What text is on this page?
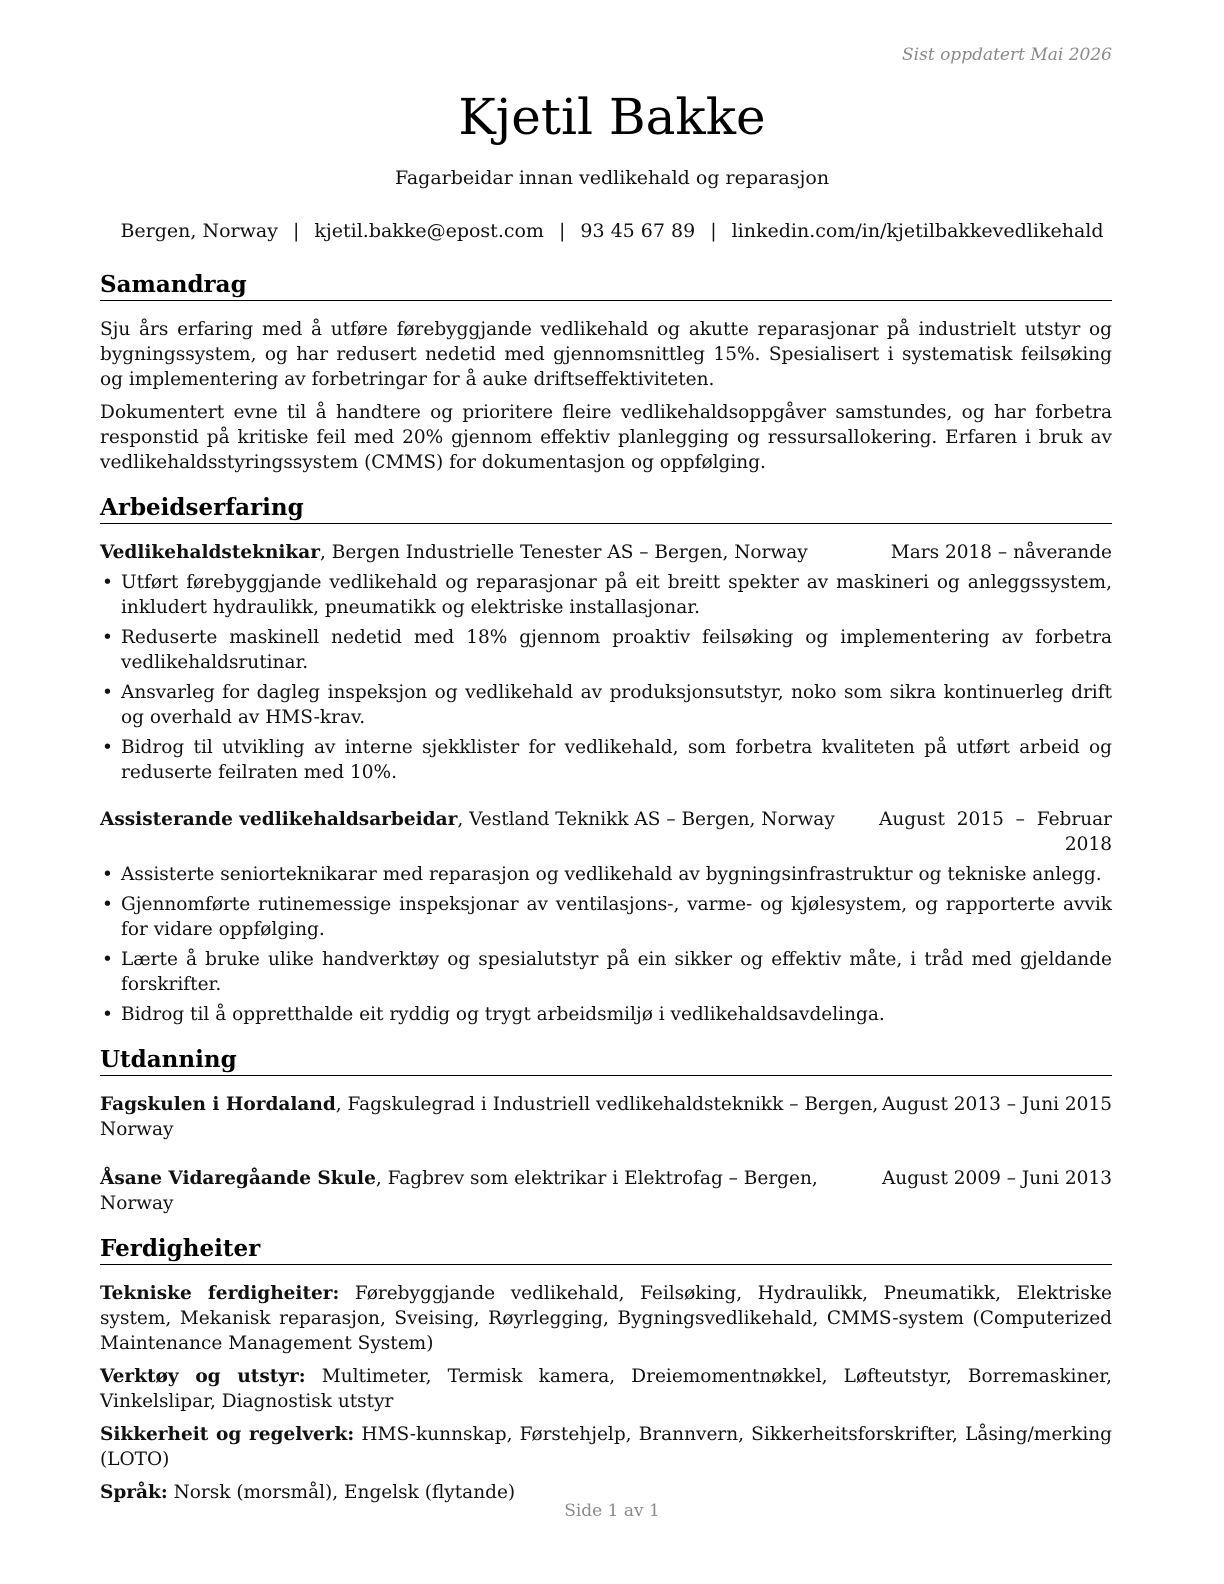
Sist oppdatert Mai 2026
Kjetil Bakke
Fagarbeidar innan vedlikehald og reparasjon
Bergen, Norway | kjetil.bakke@epost.com | 93 45 67 89 | linkedin.com/in/kjetilbakkevedlikehald
Samandrag

Sju års erfaring med å utføre førebyggjande vedlikehald og akutte reparasjonar på industrielt utstyr og bygningssystem, og har redusert nedetid med gjennomsnittleg 15%. Spesialisert i systematisk feilsøking og implementering av forbetringar for å auke driftseffektiviteten.

Dokumentert evne til å handtere og prioritere fleire vedlikehaldsoppgåver samstundes, og har forbetra responstid på kritiske feil med 20% gjennom effektiv planlegging og ressursallokering. Erfaren i bruk av vedlikehaldsstyringssystem (CMMS) for dokumentasjon og oppfølging.

Arbeidserfaring
Vedlikehaldsteknikar, Bergen Industrielle Tenester AS – Bergen, Norway	Mars 2018 – nåverande
• Utført førebyggjande vedlikehald og reparasjonar på eit breitt spekter av maskineri og anleggssystem, inkludert hydraulikk, pneumatikk og elektriske installasjonar.
• Reduserte maskinell nedetid med 18% gjennom proaktiv feilsøking og implementering av forbetra vedlikehaldsrutinar.
• Ansvarleg for dagleg inspeksjon og vedlikehald av produksjonsutstyr, noko som sikra kontinuerleg drift og overhald av HMS-krav.
• Bidrog til utvikling av interne sjekklister for vedlikehald, som forbetra kvaliteten på utført arbeid og reduserte feilraten med 10%.
Assisterande vedlikehaldsarbeidar, Vestland Teknikk AS – Bergen, Norway	August 2015 – Februar 2018
• Assisterte seniorteknikarar med reparasjon og vedlikehald av bygningsinfrastruktur og tekniske anlegg.
• Gjennomførte rutinemessige inspeksjonar av ventilasjons-, varme- og kjølesystem, og rapporterte avvik for vidare oppfølging.
• Lærte å bruke ulike handverktøy og spesialutstyr på ein sikker og effektiv måte, i tråd med gjeldande forskrifter.
• Bidrog til å oppretthalde eit ryddig og trygt arbeidsmiljø i vedlikehaldsavdelinga.
Utdanning
Fagskulen i Hordaland, Fagskulegrad i Industriell vedlikehaldsteknikk – Bergen, Norway
August 2013 – Juni 2015
Åsane Vidaregåande Skule, Fagbrev som elektrikar i Elektrofag – Bergen, Norway
August 2009 – Juni 2013
Ferdigheiter

Tekniske ferdigheiter: Førebyggjande vedlikehald, Feilsøking, Hydraulikk, Pneumatikk, Elektriske system, Mekanisk reparasjon, Sveising, Røyrlegging, Bygningsvedlikehald, CMMS-system (Computerized Maintenance Management System)

Verktøy og utstyr: Multimeter, Termisk kamera, Dreiemomentnøkkel, Løfteutstyr, Borremaskiner, Vinkelslipar, Diagnostisk utstyr

Sikkerheit og regelverk: HMS-kunnskap, Førstehjelp, Brannvern, Sikkerheitsforskrifter, Låsing/merking (LOTO)

Språk: Norsk (morsmål), Engelsk (flytande)

Side 1 av 1
